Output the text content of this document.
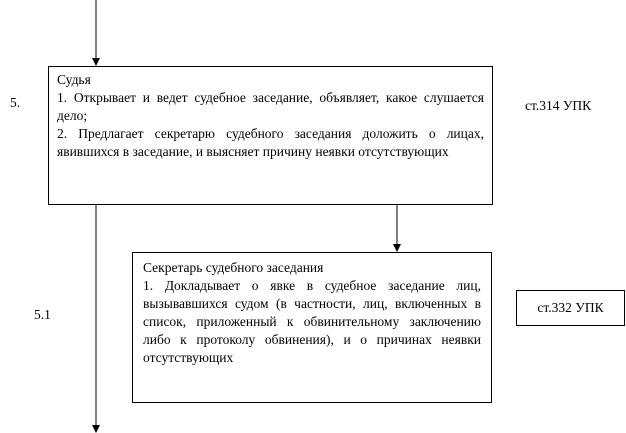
5.	ст.314 УПК
5.1
Судья
1. Открывает и ведет судебное заседание, объявляет, какое слушается дело;
2. Предлагает секретарю судебного заседания доложить о лицах, явившихся в заседание, и выясняет причину неявки отсутствующих
Секретарь судебного заседания
1. Докладывает о явке в судебное заседание лиц, вызывавшихся судом (в частности, лиц, включенных в список, приложенный к обвинительному заключению либо к протоколу обвинения), и о причинах неявки отсутствующих
ст.332 УПК
